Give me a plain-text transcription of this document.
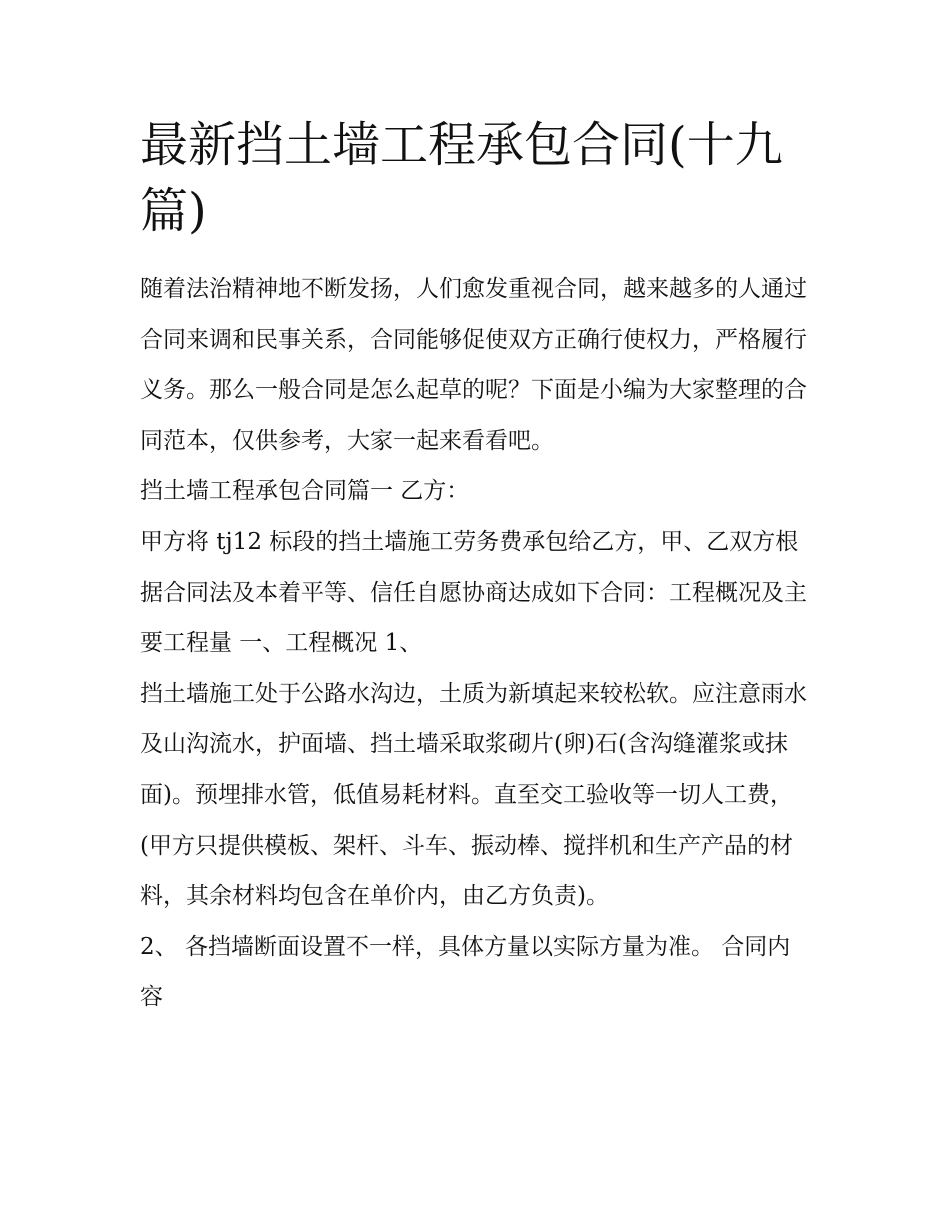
最新挡土墙工程承包合同(十九篇)

随着法治精神地不断发扬，人们愈发重视合同，越来越多的人通过合同来调和民事关系，合同能够促使双方正确行使权力，严格履行义务。那么一般合同是怎么起草的呢？下面是小编为大家整理的合同范本，仅供参考，大家一起来看看吧。

挡土墙工程承包合同篇一 乙方：

甲方将 tj12 标段的挡土墙施工劳务费承包给乙方，甲、乙双方根据合同法及本着平等、信任自愿协商达成如下合同：工程概况及主要工程量 一、工程概况 1、

挡土墙施工处于公路水沟边，土质为新填起来较松软。应注意雨水及山沟流水，护面墙、挡土墙采取浆砌片(卵)石(含沟缝灌浆或抹面)。预埋排水管，低值易耗材料。直至交工验收等一切人工费，(甲方只提供模板、架杆、斗车、振动棒、搅拌机和生产产品的材料，其余材料均包含在单价内，由乙方负责)。

2、 各挡墙断面设置不一样，具体方量以实际方量为准。 合同内容
